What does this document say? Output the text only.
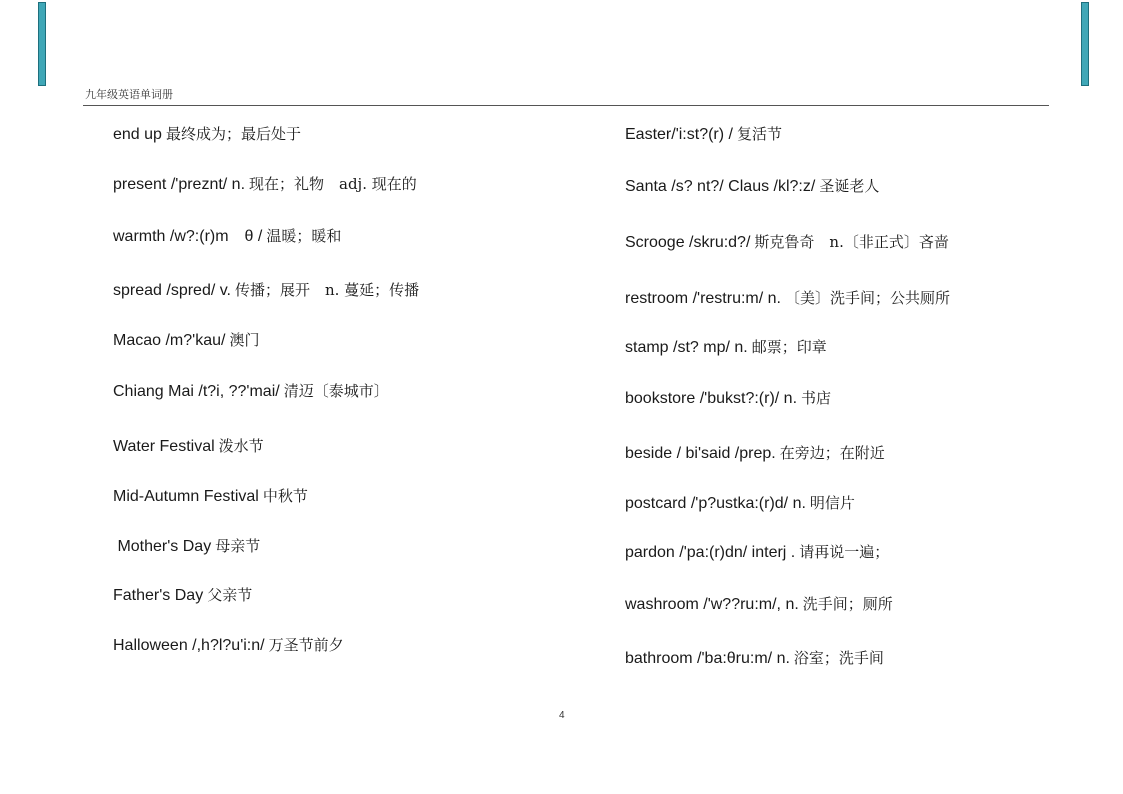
九年级英语单词册
end up 最终成为；最后处于
present /'preznt/ n. 现在；礼物　adj. 现在的
warmth /w?:(r)m　θ / 温暖；暖和
spread /spred/ v. 传播；展开　n. 蔓延；传播
Macao /m?'kau/ 澳门
Chiang Mai /t?i, ??'mai/ 清迈〔泰城市〕
Water Festival 泼水节
Mid-Autumn Festival 中秋节
Mother's Day 母亲节
Father's Day 父亲节
Halloween /,h?l?u'i:n/ 万圣节前夕
Easter/'i:st?(r) / 复活节
Santa /s? nt?/ Claus /kl?:z/ 圣诞老人
Scrooge /skru:d?/ 斯克鲁奇　n.〔非正式〕吝啬
restroom /'restru:m/ n. 〔美〕洗手间；公共厕所
stamp /st? mp/ n. 邮票；印章
bookstore /'bukst?:(r)/ n. 书店
beside / bi'said /prep. 在旁边；在附近
postcard /'p?ustka:(r)d/ n. 明信片
pardon /'pa:(r)dn/ interj . 请再说一遍；
washroom /'w??ru:m/, n. 洗手间；厕所
bathroom /'ba:θru:m/ n. 浴室；洗手间
4
